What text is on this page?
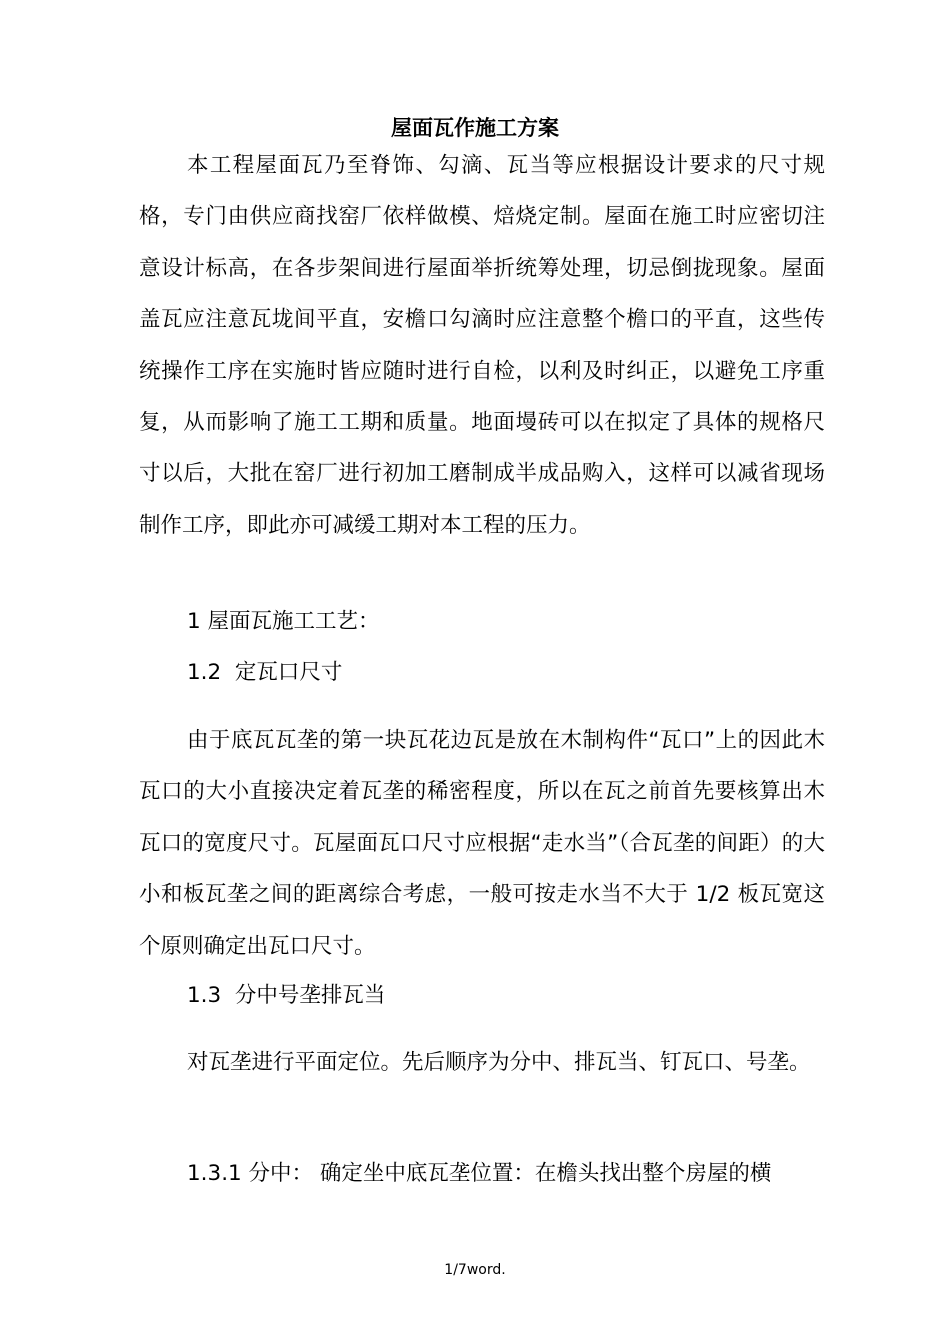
屋面瓦作施工方案

本工程屋面瓦乃至脊饰、勾滴、瓦当等应根据设计要求的尺寸规格，专门由供应商找窑厂依样做模、焙烧定制。屋面在施工时应密切注意设计标高，在各步架间进行屋面举折统筹处理，切忌倒拢现象。屋面盖瓦应注意瓦垅间平直，安檐口勾滴时应注意整个檐口的平直，这些传统操作工序在实施时皆应随时进行自检，以利及时纠正，以避免工序重复，从而影响了施工工期和质量。地面墁砖可以在拟定了具体的规格尺寸以后，大批在窑厂进行初加工磨制成半成品购入，这样可以减省现场制作工序，即此亦可减缓工期对本工程的压力。

1 屋面瓦施工工艺：

1.2  定瓦口尺寸

由于底瓦瓦垄的第一块瓦花边瓦是放在木制构件“瓦口”上的因此木瓦口的大小直接决定着瓦垄的稀密程度，所以在瓦之前首先要核算出木瓦口的宽度尺寸。瓦屋面瓦口尺寸应根据“走水当”（合瓦垄的间距）的大小和板瓦垄之间的距离综合考虑，一般可按走水当不大于 1/2 板瓦宽这个原则确定出瓦口尺寸。

1.3  分中号垄排瓦当

对瓦垄进行平面定位。先后顺序为分中、排瓦当、钉瓦口、号垄。

1.3.1 分中： 确定坐中底瓦垄位置：在檐头找出整个房屋的横

1/7word.
